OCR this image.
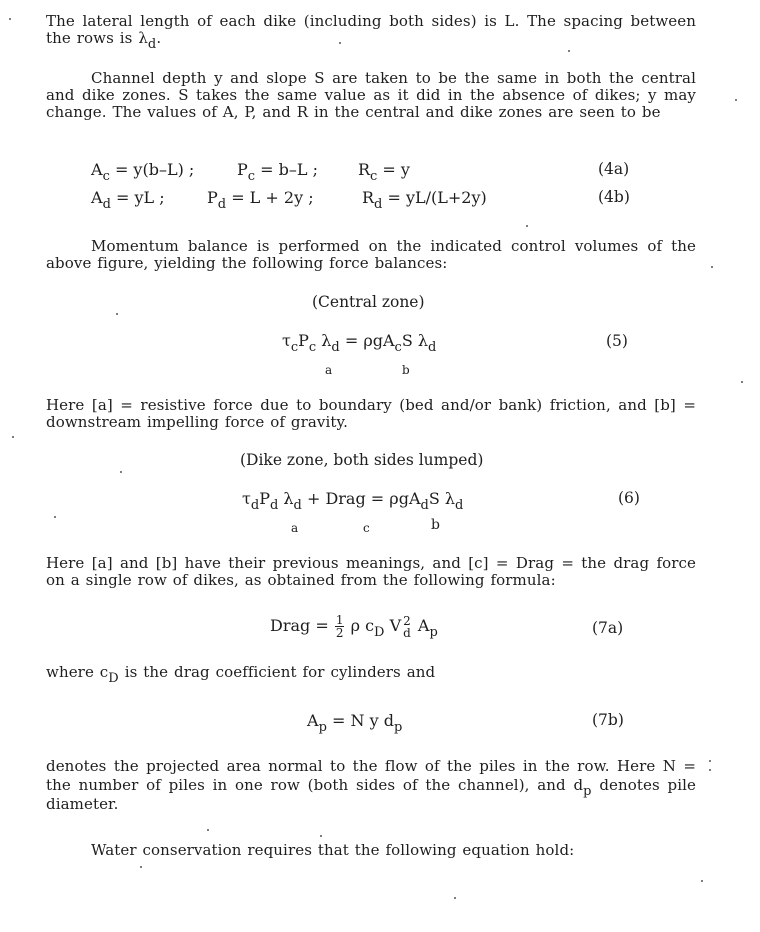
The lateral length of each dike (including both sides) is L. The spacing between the rows is $\lambda_d$.
Channel depth y and slope S are taken to be the same in both the central and dike zones. S takes the same value as it did in the absence of dikes; y may change. The values of A, P, and R in the central and dike zones are seen to be
$A_c = y(b-L)$ ;	$P_c = b-L$ ;	$R_c = y$	(4a)
$A_d$ = yL ;	$P_d = L + 2y$ ;	$R_d = yL/(L+2y)$	(4b)
Momentum balance is performed on the indicated control volumes of the above figure, yielding the following force balances:
(Central zone)
$\tau_cP_c$ $\lambda_d = \rho gA_cS$ $\lambda_d$
a	b
(5)
Here [a] = resistive force due to boundary (bed and/or bank) friction, and [b] = downstream impelling force of gravity.
(Dike zone, both sides lumped)
$\tau_dP_d$ $\lambda_d$ + Drag = ρgA$_d$S $\lambda_d$
a	c	b
(6)
Here [a] and [b] have their previous meanings, and [c] = Drag = the drag force on a single row of dikes, as obtained from the following formula:
Drag = $\frac{1}{2}$ ρ $c_D$ V 2
d $A_p$	(7a)
where $c_D$ is the drag coefficient for cylinders and
$A_p = N$ y $d_p$	(7b)
denotes the projected area normal to the flow of the piles in the row. Here N = the number of piles in one row (both sides of the channel), and $d_p$ denotes pile diameter.
Water conservation requires that the following equation hold:
